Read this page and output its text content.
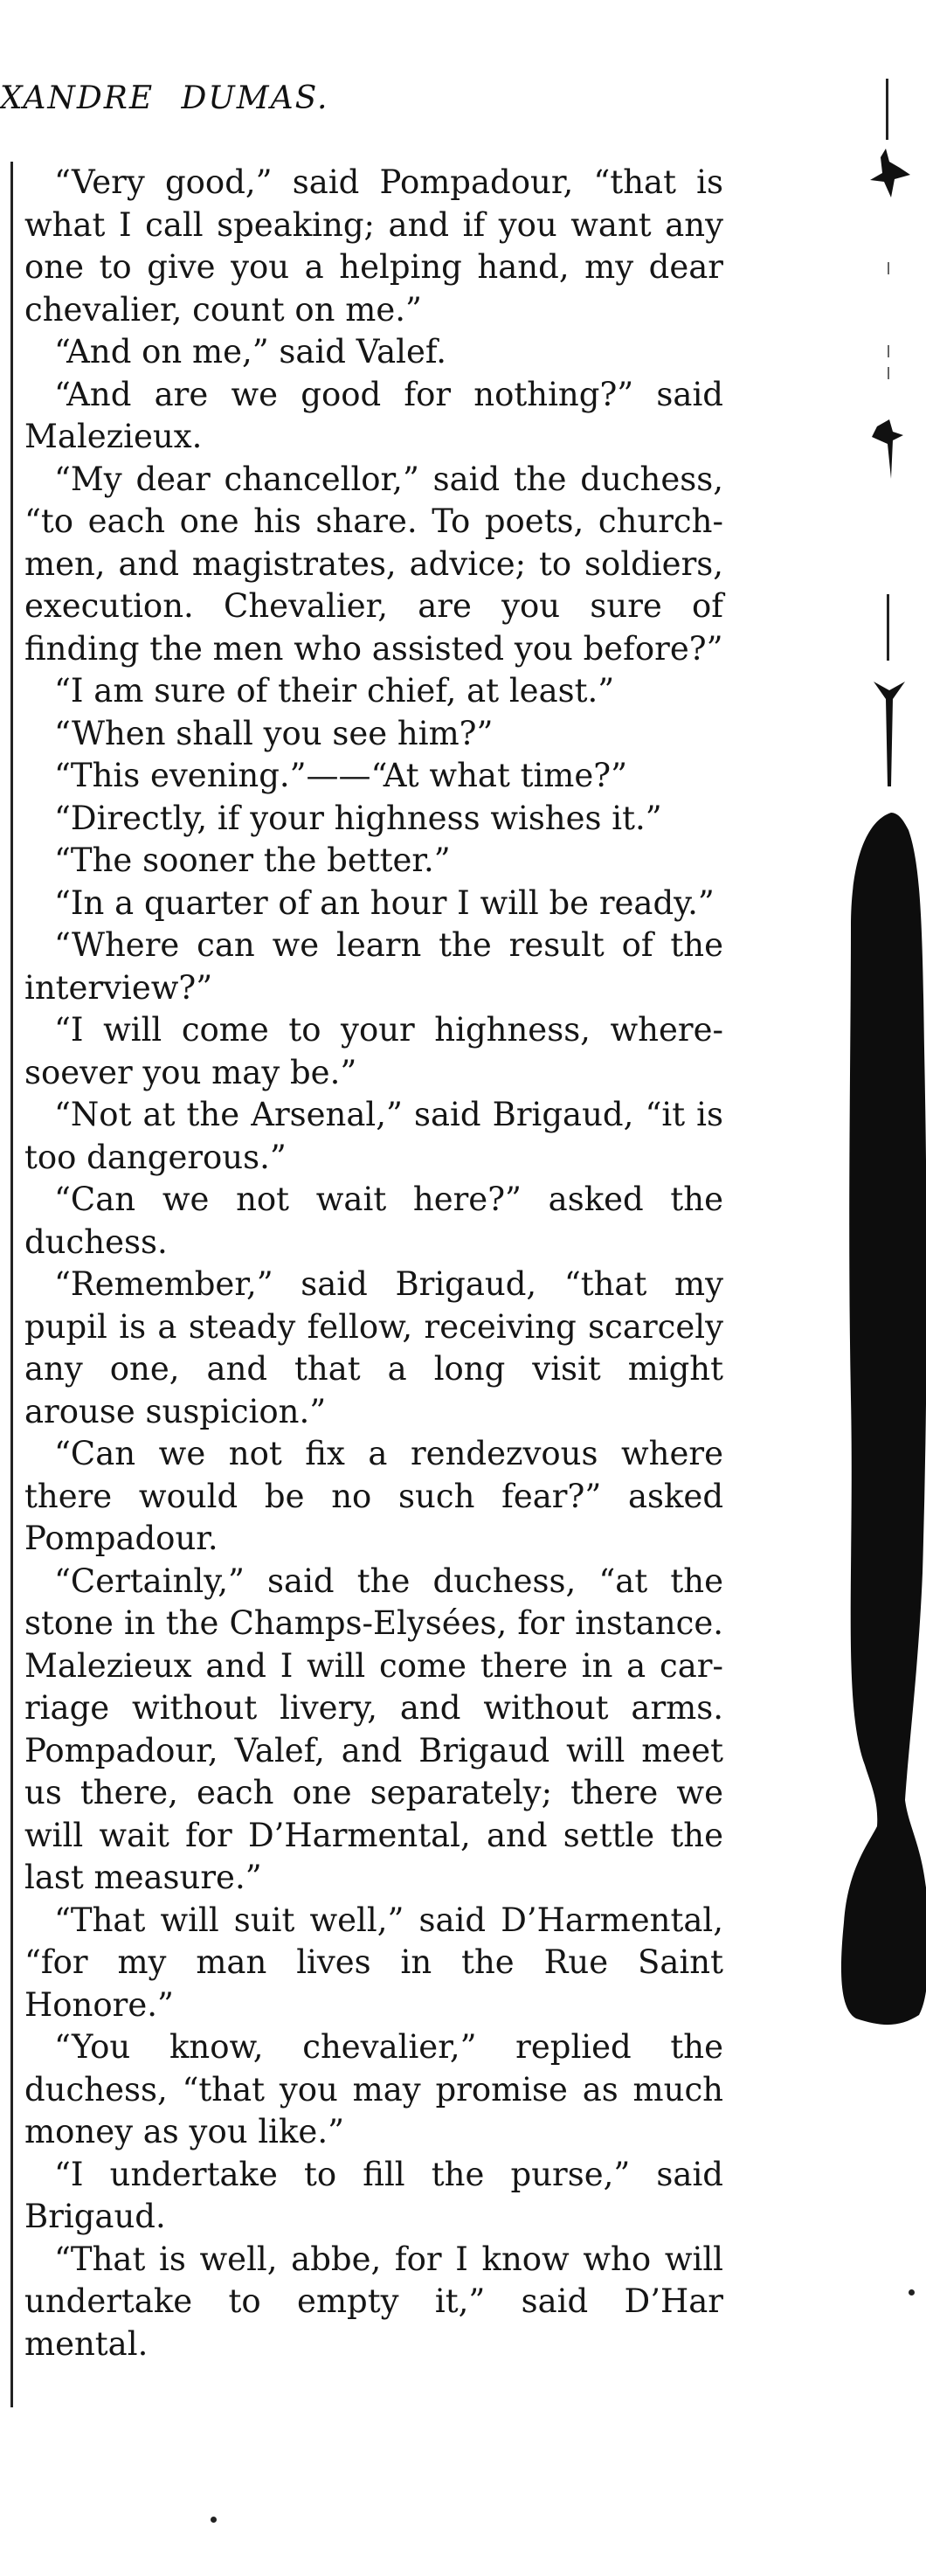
XANDRE DUMAS.

“Very good,” said Pompadour, “that is what I call speaking; and if you want any one to give you a helping hand, my dear chevalier, count on me.”

“And on me,” said Valef.

“And are we good for nothing?” said Malezieux.

“My dear chancellor,” said the duchess, “to each one his share. To poets, churchmen, and magistrates, advice; to soldiers, execution. Chevalier, are you sure of finding the men who assisted you before?”

“I am sure of their chief, at least.”

“When shall you see him?”

“This evening.”——“At what time?”

“Directly, if your highness wishes it.”

“The sooner the better.”

“In a quarter of an hour I will be ready.”

“Where can we learn the result of the interview?”

“I will come to your highness, wheresoever you may be.”

“Not at the Arsenal,” said Brigaud, “it is too dangerous.”

“Can we not wait here?” asked the duchess.

“Remember,” said Brigaud, “that my pupil is a steady fellow, receiving scarcely any one, and that a long visit might arouse suspicion.”

“Can we not fix a rendezvous where there would be no such fear?” asked Pompadour.

“Certainly,” said the duchess, “at the stone in the Champs-Elysées, for instance. Malezieux and I will come there in a carriage without livery, and without arms. Pompadour, Valef, and Brigaud will meet us there, each one separately; there we will wait for D’Harmental, and settle the last measure.”

“That will suit well,” said D’Harmental, “for my man lives in the Rue Saint Honore.”

“You know, chevalier,” replied the duchess, “that you may promise as much money as you like.”

“I undertake to fill the purse,” said Brigaud.

“That is well, abbe, for I know who will undertake to empty it,” said D’Har mental.
